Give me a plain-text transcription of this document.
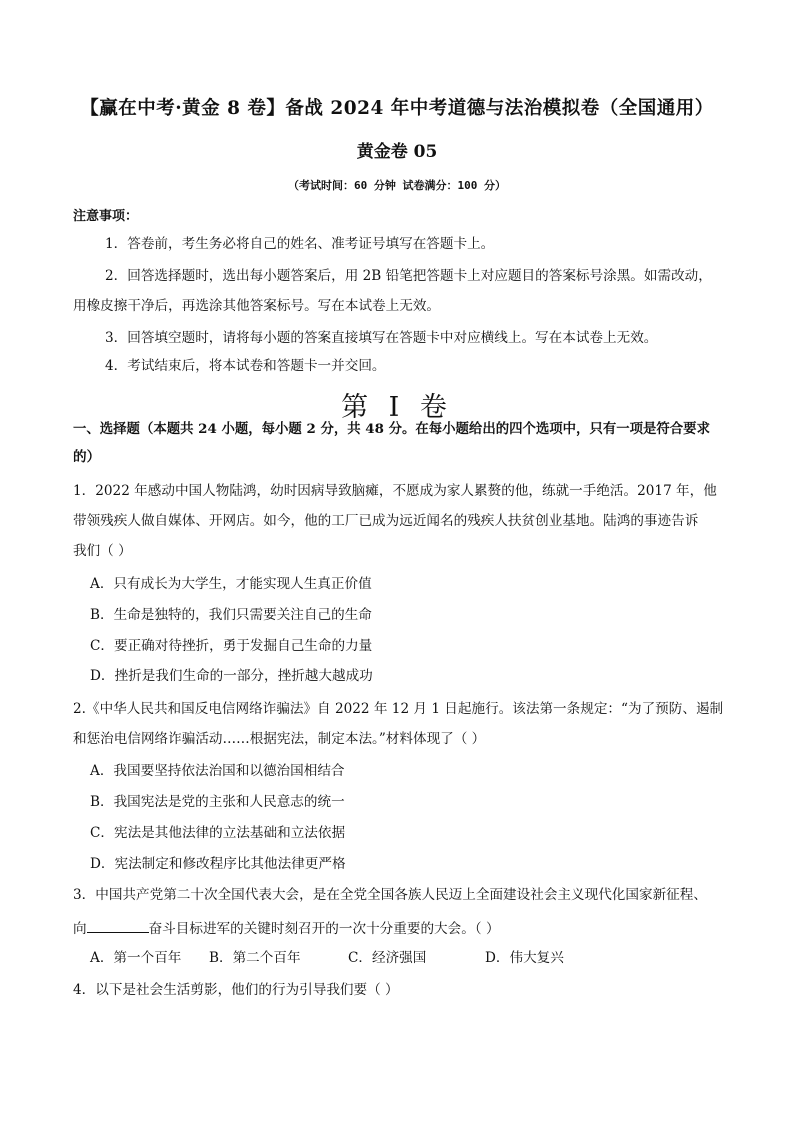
【赢在中考·黄金 8 卷】备战 2024 年中考道德与法治模拟卷（全国通用）
黄金卷 05
（考试时间：60 分钟 试卷满分：100 分）
注意事项：
1．答卷前，考生务必将自己的姓名、准考证号填写在答题卡上。
2．回答选择题时，选出每小题答案后，用 2B 铅笔把答题卡上对应题目的答案标号涂黑。如需改动，
用橡皮擦干净后，再选涂其他答案标号。写在本试卷上无效。
3．回答填空题时，请将每小题的答案直接填写在答题卡中对应横线上。写在本试卷上无效。
4．考试结束后，将本试卷和答题卡一并交回。
第 I 卷
一、选择题（本题共 24 小题，每小题 2 分，共 48 分。在每小题给出的四个选项中，只有一项是符合要求
的）
1．2022 年感动中国人物陆鸿，幼时因病导致脑瘫，不愿成为家人累赘的他，练就一手绝活。2017 年，他
带领残疾人做自媒体、开网店。如今，他的工厂已成为远近闻名的残疾人扶贫创业基地。陆鸿的事迹告诉
我们（ ）
A．只有成长为大学生，才能实现人生真正价值
B．生命是独特的，我们只需要关注自己的生命
C．要正确对待挫折，勇于发掘自己生命的力量
D．挫折是我们生命的一部分，挫折越大越成功
2.《中华人民共和国反电信网络诈骗法》自 2022 年 12 月 1 日起施行。该法第一条规定：“为了预防、遏制
和惩治电信网络诈骗活动……根据宪法，制定本法。”材料体现了（ ）
A．我国要坚持依法治国和以德治国相结合
B．我国宪法是党的主张和人民意志的统一
C．宪法是其他法律的立法基础和立法依据
D．宪法制定和修改程序比其他法律更严格
3．中国共产党第二十次全国代表大会，是在全党全国各族人民迈上全面建设社会主义现代化国家新征程、
向	奋斗目标进军的关键时刻召开的一次十分重要的大会。（ ）
A．第一个百年 B．第二个百年	C．经济强国	D．伟大复兴
4．以下是社会生活剪影，他们的行为引导我们要（ ）
